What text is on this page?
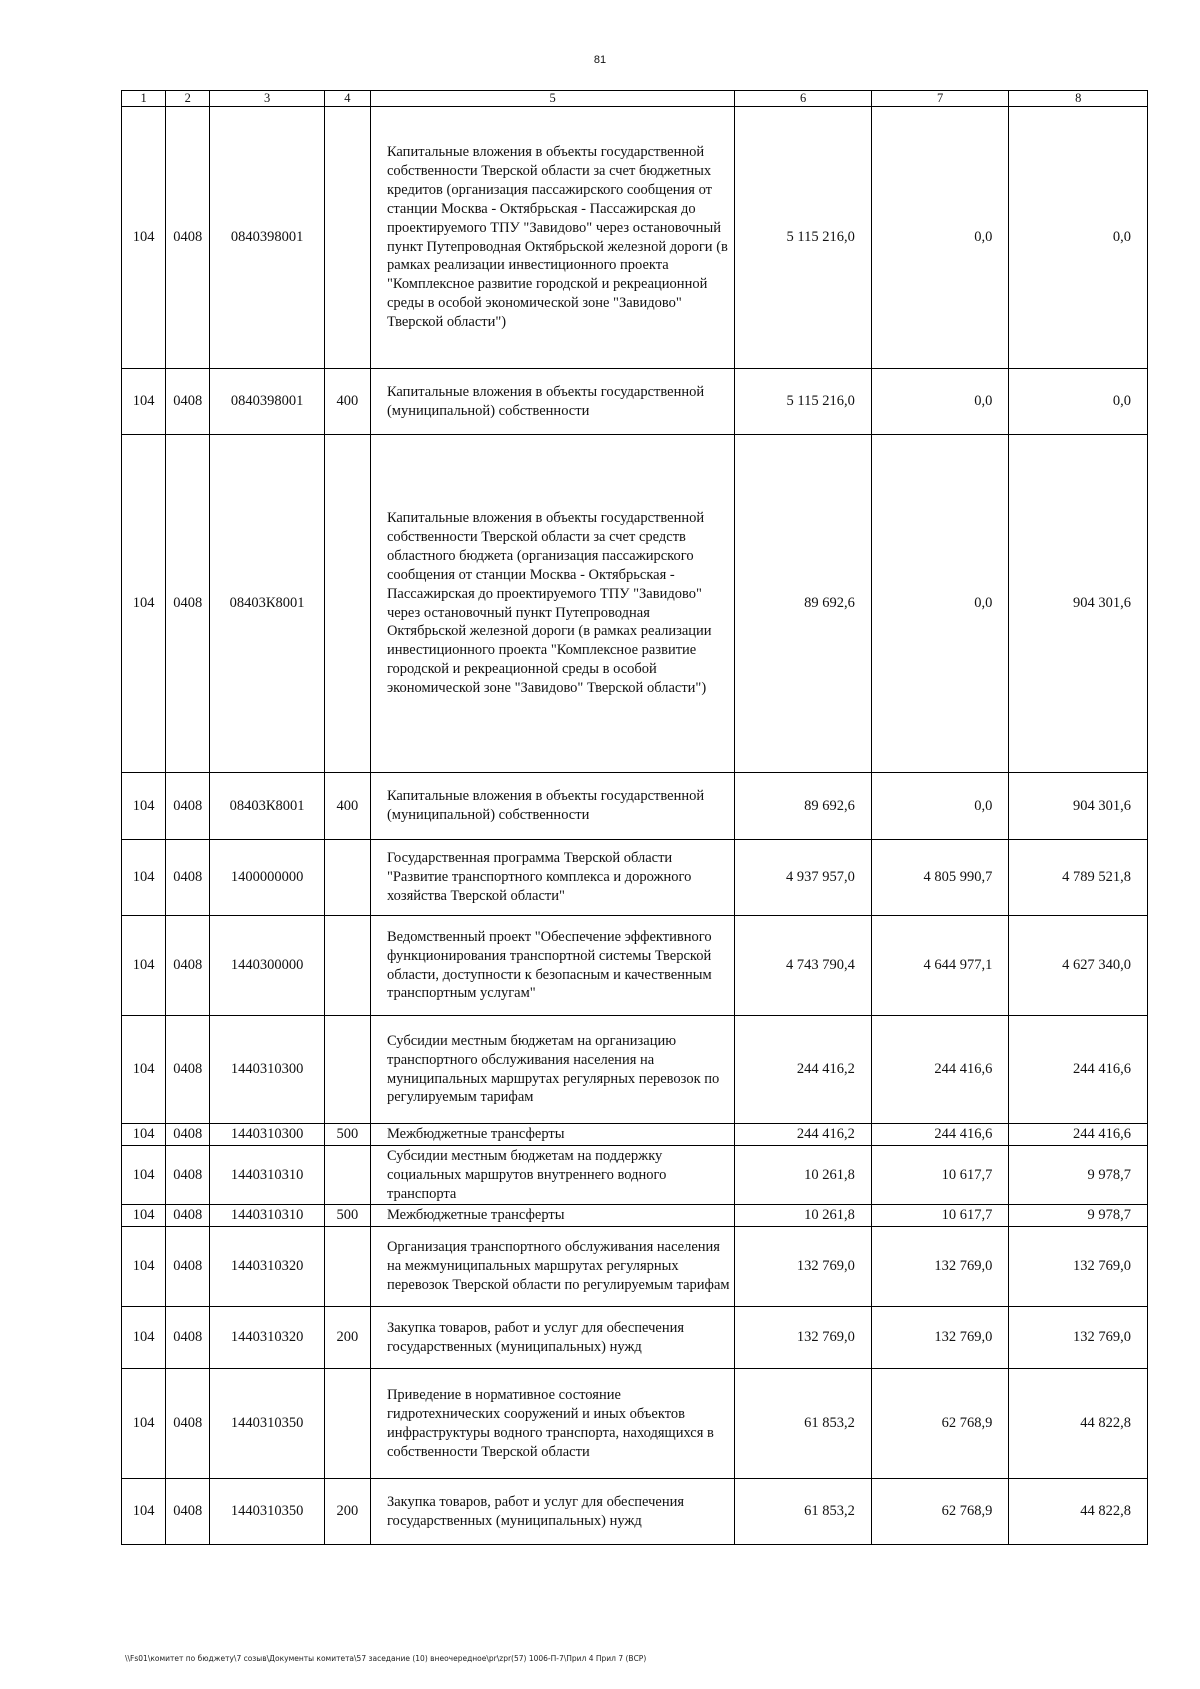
81
1	2	3	4	5	6	7	8
104	0408	0840398001		Капитальные вложения в объекты государственной собственности Тверской области за счет бюджетных кредитов (организация пассажирского сообщения от станции Москва - Октябрьская - Пассажирская до проектируемого ТПУ "Завидово" через остановочный пункт Путепроводная Октябрьской железной дороги (в рамках реализации инвестиционного проекта "Комплексное развитие городской и рекреационной среды в особой экономической зоне "Завидово" Тверской области")	5 115 216,0	0,0	0,0
104	0408	0840398001	400	Капитальные вложения в объекты государственной (муниципальной) собственности	5 115 216,0	0,0	0,0
104	0408	08403К8001		Капитальные вложения в объекты государственной собственности Тверской области за счет средств областного бюджета (организация пассажирского сообщения от станции Москва - Октябрьская - Пассажирская до проектируемого ТПУ "Завидово" через остановочный пункт Путепроводная Октябрьской железной дороги (в рамках реализации инвестиционного проекта "Комплексное развитие городской и рекреационной среды в особой экономической зоне "Завидово" Тверской области")	89 692,6	0,0	904 301,6
104	0408	08403К8001	400	Капитальные вложения в объекты государственной (муниципальной) собственности	89 692,6	0,0	904 301,6
104	0408	1400000000		Государственная программа Тверской области "Развитие транспортного комплекса и дорожного хозяйства Тверской области"	4 937 957,0	4 805 990,7	4 789 521,8
104	0408	1440300000		Ведомственный проект "Обеспечение эффективного функционирования транспортной системы Тверской области, доступности к безопасным и качественным транспортным услугам"	4 743 790,4	4 644 977,1	4 627 340,0
104	0408	1440310300		Субсидии местным бюджетам на организацию транспортного обслуживания населения на муниципальных маршрутах регулярных перевозок по регулируемым тарифам	244 416,2	244 416,6	244 416,6
104	0408	1440310300	500	Межбюджетные трансферты	244 416,2	244 416,6	244 416,6
104	0408	1440310310		Субсидии местным бюджетам на поддержку социальных маршрутов внутреннего водного транспорта	10 261,8	10 617,7	9 978,7
104	0408	1440310310	500	Межбюджетные трансферты	10 261,8	10 617,7	9 978,7
104	0408	1440310320		Организация транспортного обслуживания населения на межмуниципальных маршрутах регулярных перевозок Тверской области по регулируемым тарифам	132 769,0	132 769,0	132 769,0
104	0408	1440310320	200	Закупка товаров, работ и услуг для обеспечения государственных (муниципальных) нужд	132 769,0	132 769,0	132 769,0
104	0408	1440310350		Приведение в нормативное состояние гидротехнических сооружений и иных объектов инфраструктуры водного транспорта, находящихся в собственности Тверской области	61 853,2	62 768,9	44 822,8
104	0408	1440310350	200	Закупка товаров, работ и услуг для обеспечения государственных (муниципальных) нужд	61 853,2	62 768,9	44 822,8
\\Fs01\комитет по бюджету\7 созыв\Документы комитета\57 заседание (10) внеочередное\pr\zpr(57) 1006-П-7\Прил 4 Прил 7 (ВСР)
